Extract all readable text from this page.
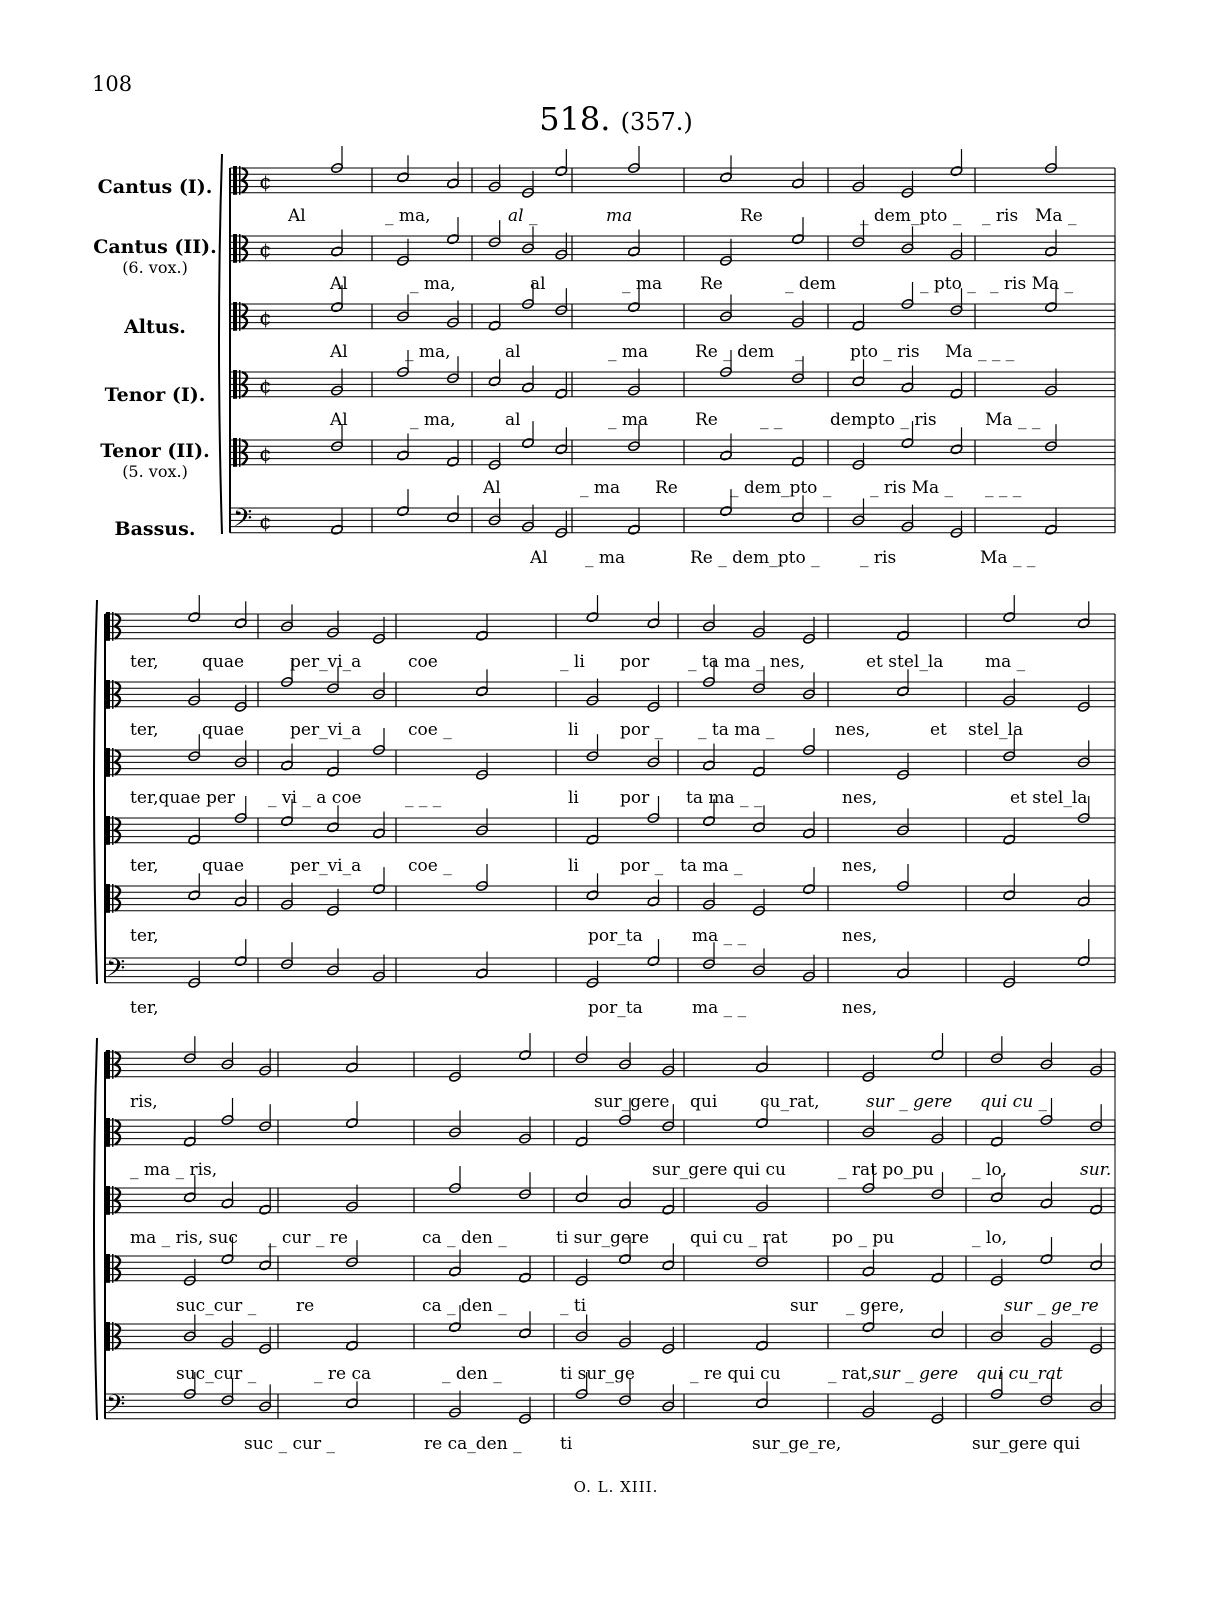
108
518. (357.)
Cantus (I).
Cantus (II).
(6. vox.)
Altus.
Tenor (I).
Tenor (II).
(5. vox.)
Bassus.
¢
¢
¢
¢
¢
𝄢 ¢
𝄢
𝄢
Al	_ ma,	al _	ma	Re	_ dem_pto _ _ ris Ma _
Al	_ ma,	al	_ ma Re	_ dem	_ pto _ _ ris Ma _
Al	_ ma,	al	_ ma	Re _ dem _	pto _ ris Ma _ _ _
Al	_ ma,	al	_ ma	Re _ _	dempto _ ris	Ma _ _
Al	_ ma Re	_ dem_pto _ _ ris Ma _ _ _ _
Al _ ma	Re _ dem_pto _ _ ris	Ma _ _
ter,	quae	per_vi_a	coe	_ li por _ ta ma _ nes,	et stel_la ma _
ter,	quae	per_vi_a	coe _	li por _ _ ta ma _	nes,	et stel_la
ter,quae per _ vi _ a coe	_ _ _	li por ta ma _ _	nes,	et stel_la
ter,	quae	per_vi_a	coe _	li por _ ta ma _	nes,
ter,	por_ta	ma _ _	nes,
ter,	por_ta	ma _ _	nes,
ris,	sur_gere qui	cu_rat,	sur _ gere qui cu _
_ ma _ ris,	sur_gere qui cu	_ rat po_pu _ lo,	sur.
ma _ ris, suc _ cur _ re	ca _ den _	ti sur_gere qui cu _ rat	po _ pu	_ lo,
suc_cur _ re	ca _ den _	_ ti	sur _ gere,	sur _ ge_re
suc_cur _	_ re ca	_ den _	ti sur_ge	_ re qui cu	_ rat, sur _ gere qui cu_rat
suc _ cur _	re ca_den _ ti	sur_ge_re,	sur_gere qui
O. L. XIII.
